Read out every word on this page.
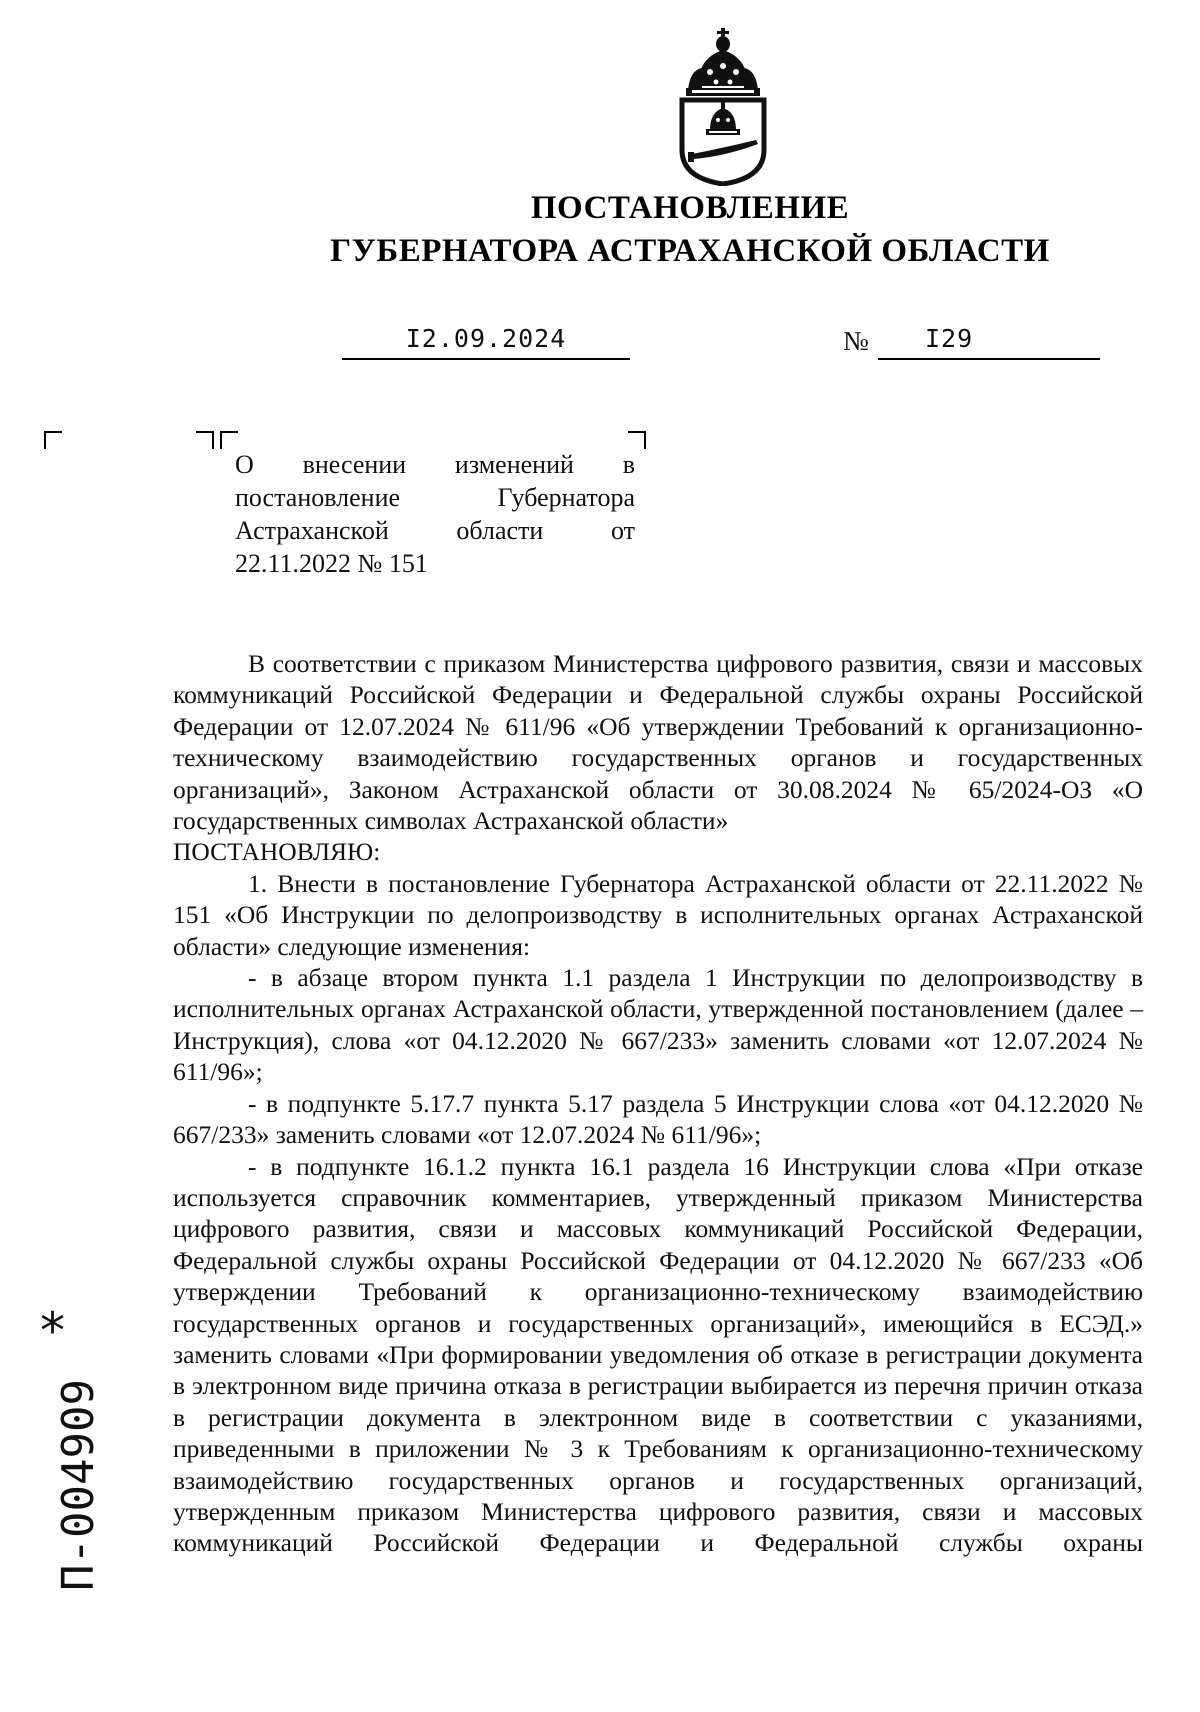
ПОСТАНОВЛЕНИЕ
ГУБЕРНАТОРА АСТРАХАНСКОЙ ОБЛАСТИ
I2.09.2024	№ I29
О внесении изменений в постановление Губернатора Астраханской области от 22.11.2022 № 151

В соответствии с приказом Министерства цифрового развития, связи и массовых коммуникаций Российской Федерации и Федеральной службы охраны Российской Федерации от 12.07.2024 № 611/96 «Об утверждении Требований к организационно-техническому взаимодействию государственных органов и государственных организаций», Законом Астраханской области от 30.08.2024 № 65/2024-ОЗ «О государственных символах Астраханской области»

ПОСТАНОВЛЯЮ:

1. Внести в постановление Губернатора Астраханской области от 22.11.2022 № 151 «Об Инструкции по делопроизводству в исполнительных органах Астраханской области» следующие изменения:

- в абзаце втором пункта 1.1 раздела 1 Инструкции по делопроизводству в исполнительных органах Астраханской области, утвержденной постановлением (далее – Инструкция), слова «от 04.12.2020 № 667/233» заменить словами «от 12.07.2024 № 611/96»;

- в подпункте 5.17.7 пункта 5.17 раздела 5 Инструкции слова «от 04.12.2020 № 667/233» заменить словами «от 12.07.2024 № 611/96»;

- в подпункте 16.1.2 пункта 16.1 раздела 16 Инструкции слова «При отказе используется справочник комментариев, утвержденный приказом Министерства цифрового развития, связи и массовых коммуникаций Российской Федерации, Федеральной службы охраны Российской Федерации от 04.12.2020 № 667/233 «Об утверждении Требований к организационно-техническому взаимодействию государственных органов и государственных организаций», имеющийся в ЕСЭД.» заменить словами «При формировании уведомления об отказе в регистрации документа в электронном виде причина отказа в регистрации выбирается из перечня причин отказа в регистрации документа в электронном виде в соответствии с указаниями, приведенными в приложении № 3 к Требованиям к организационно-техническому взаимодействию государственных органов и государственных организаций, утвержденным приказом Министерства цифрового развития, связи и массовых коммуникаций Российской Федерации и Федеральной службы охраны

*
П-004909
